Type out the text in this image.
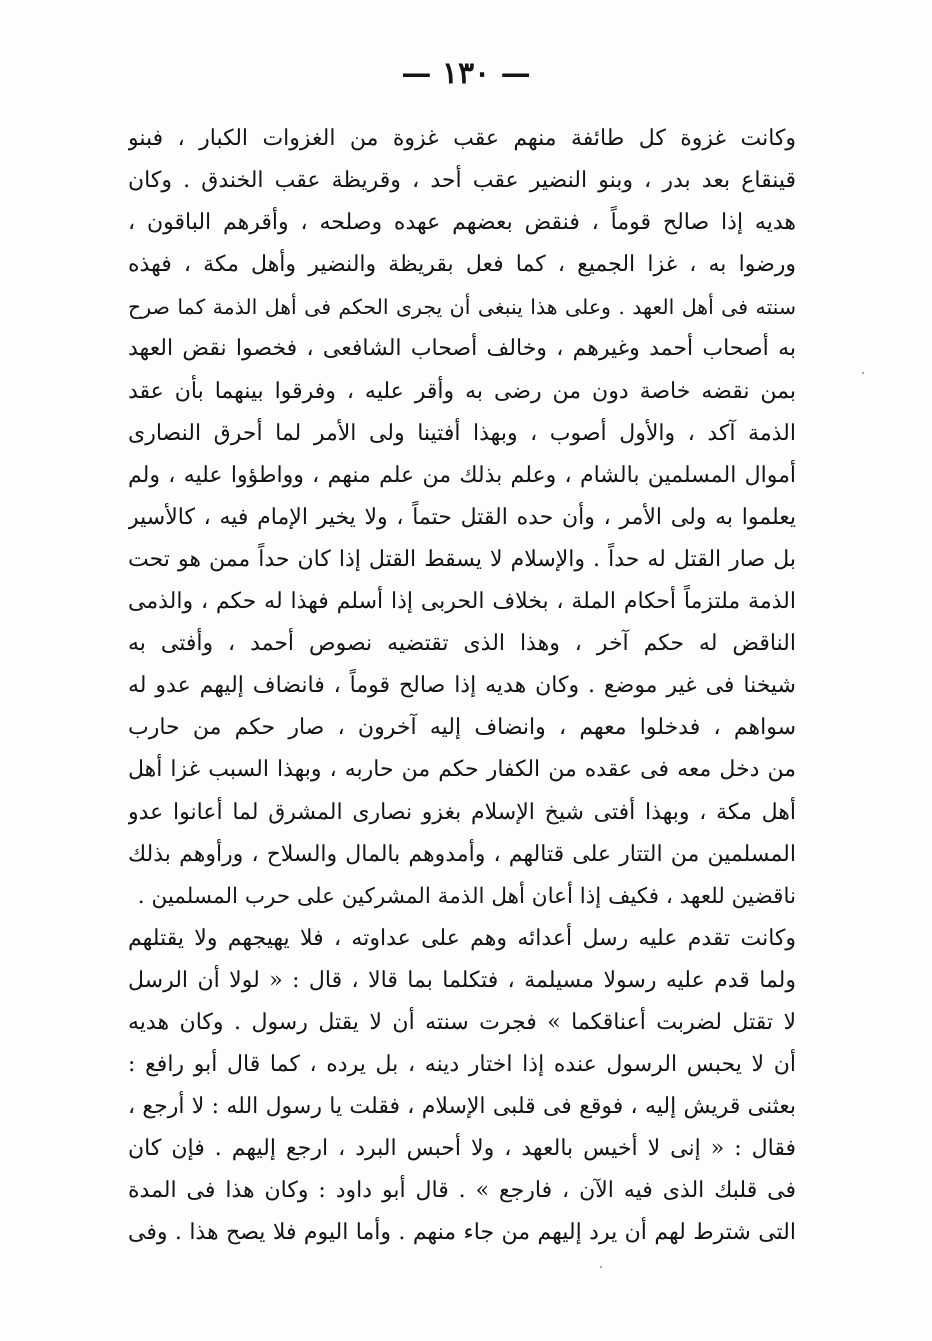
— ١٣٠ —
وكانت غزوة كل طائفة منهم عقب غزوة من الغزوات الكبار ، فبنو
قينقاع بعد بدر ، وبنو النضير عقب أحد ، وقريظة عقب الخندق . وكان
هديه إذا صالح قوماً ، فنقض بعضهم عهده وصلحه ، وأقرهم الباقون ،
ورضوا به ، غزا الجميع ، كما فعل بقريظة والنضير وأهل مكة ، فهذه
سنته فى أهل العهد . وعلى هذا ينبغى أن يجرى الحكم فى أهل الذمة كما صرح
به أصحاب أحمد وغيرهم ، وخالف أصحاب الشافعى ، فخصوا نقض العهد
بمن نقضه خاصة دون من رضى به وأقر عليه ، وفرقوا بينهما بأن عقد
الذمة آكد ، والأول أصوب ، وبهذا أفتينا ولى الأمر لما أحرق النصارى
أموال المسلمين بالشام ، وعلم بذلك من علم منهم ، وواطؤوا عليه ، ولم
يعلموا به ولى الأمر ، وأن حده القتل حتماً ، ولا يخير الإمام فيه ، كالأسير
بل صار القتل له حداً . والإسلام لا يسقط القتل إذا كان حداً ممن هو تحت
الذمة ملتزماً أحكام الملة ، بخلاف الحربى إذا أسلم فهذا له حكم ، والذمى
الناقض له حكم آخر ، وهذا الذى تقتضيه نصوص أحمد ، وأفتى به
شيخنا فى غير موضع . وكان هديه إذا صالح قوماً ، فانضاف إليهم عدو له
سواهم ، فدخلوا معهم ، وانضاف إليه آخرون ، صار حكم من حارب
من دخل معه فى عقده من الكفار حكم من حاربه ، وبهذا السبب غزا أهل
أهل مكة ، وبهذا أفتى شيخ الإسلام بغزو نصارى المشرق لما أعانوا عدو
المسلمين من التتار على قتالهم ، وأمدوهم بالمال والسلاح ، ورأوهم بذلك
ناقضين للعهد ، فكيف إذا أعان أهل الذمة المشركين على حرب المسلمين .
وكانت تقدم عليه رسل أعدائه وهم على عداوته ، فلا يهيجهم ولا يقتلهم
ولما قدم عليه رسولا مسيلمة ، فتكلما بما قالا ، قال : « لولا أن الرسل
لا تقتل لضربت أعناقكما » فجرت سنته أن لا يقتل رسول . وكان هديه
أن لا يحبس الرسول عنده إذا اختار دينه ، بل يرده ، كما قال أبو رافع :
بعثنى قريش إليه ، فوقع فى قلبى الإسلام ، فقلت يا رسول الله : لا أرجع ،
فقال : « إنى لا أخيس بالعهد ، ولا أحبس البرد ، ارجع إليهم . فإن كان
فى قلبك الذى فيه الآن ، فارجع » . قال أبو داود : وكان هذا فى المدة
التى شترط لهم أن يرد إليهم من جاء منهم . وأما اليوم فلا يصح هذا . وفى
